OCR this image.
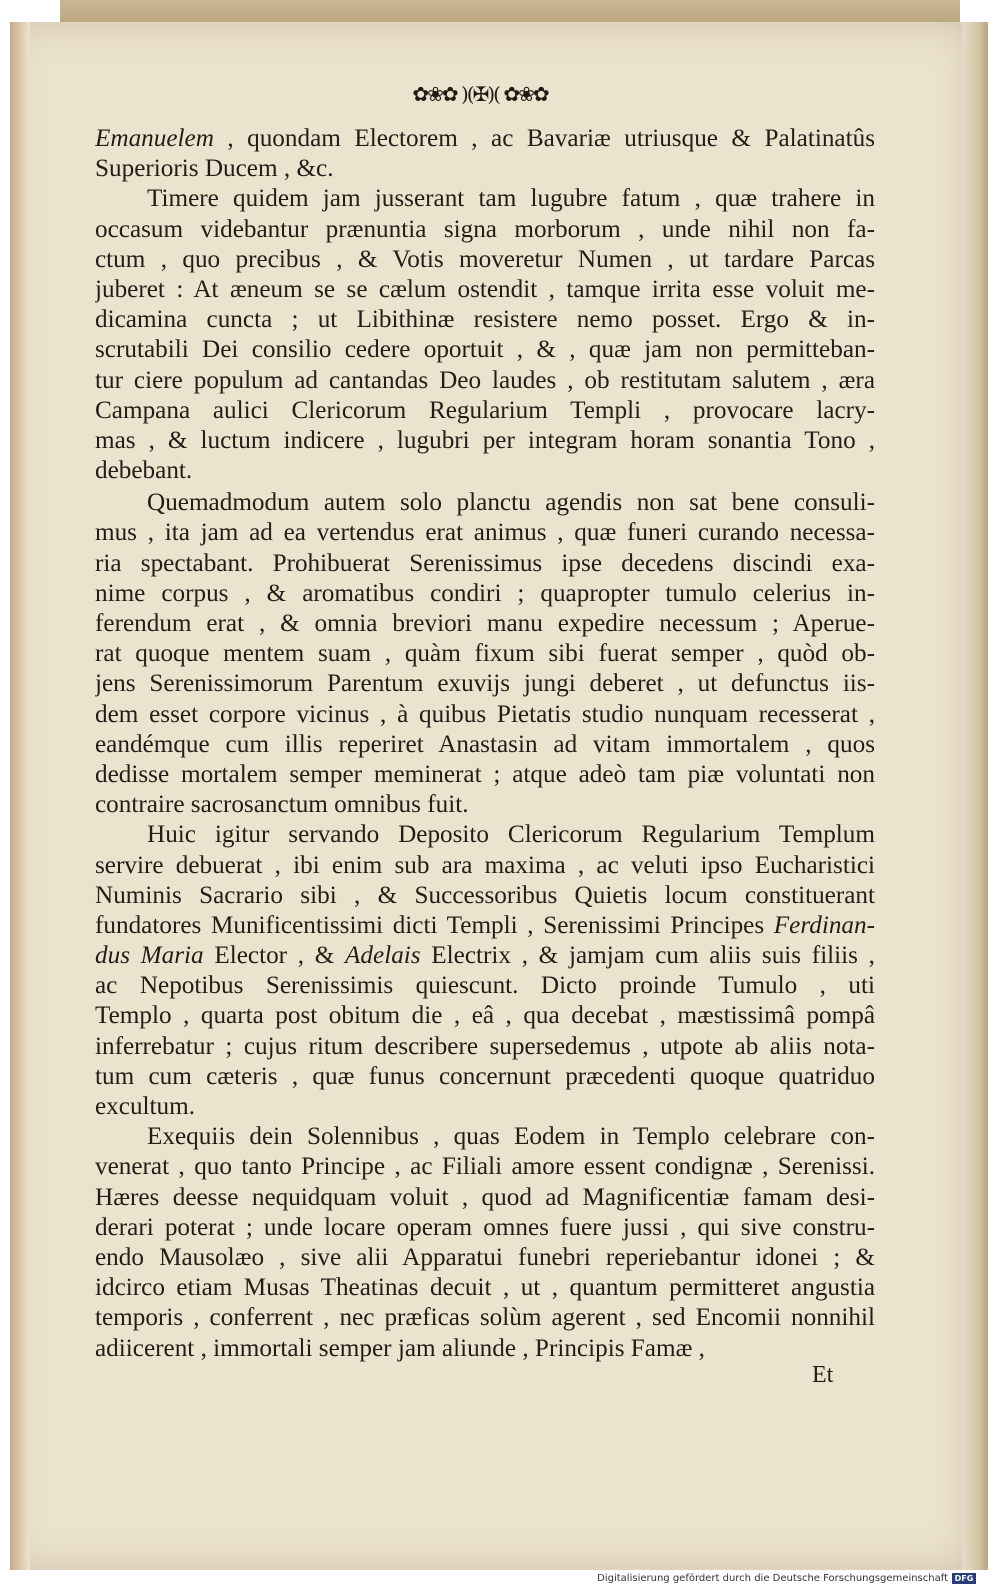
✿❀✿ )(✠)( ✿❀✿
Emanuelem , quondam Electorem , ac Bavariæ utriusque & Palatinatûs
Superioris Ducem , &c.
Timere quidem jam jusserant tam lugubre fatum , quæ trahere in
occasum videbantur prænuntia signa morborum , unde nihil non fa-
ctum , quo precibus , & Votis moveretur Numen , ut tardare Parcas
juberet : At æneum se se cælum ostendit , tamque irrita esse voluit me-
dicamina cuncta ; ut Libithinæ resistere nemo posset. Ergo & in-
scrutabili Dei consilio cedere oportuit , & , quæ jam non permitteban-
tur ciere populum ad cantandas Deo laudes , ob restitutam salutem , æra
Campana aulici Clericorum Regularium Templi , provocare lacry-
mas , & luctum indicere , lugubri per integram horam sonantia Tono ,
debebant.
Quemadmodum autem solo planctu agendis non sat bene consuli-
mus , ita jam ad ea vertendus erat animus , quæ funeri curando necessa-
ria spectabant. Prohibuerat Serenissimus ipse decedens discindi exa-
nime corpus , & aromatibus condiri ; quapropter tumulo celerius in-
ferendum erat , & omnia breviori manu expedire necessum ; Aperue-
rat quoque mentem suam , quàm fixum sibi fuerat semper , quòd ob-
jens Serenissimorum Parentum exuvijs jungi deberet , ut defunctus iis-
dem esset corpore vicinus , à quibus Pietatis studio nunquam recesserat ,
eandémque cum illis reperiret Anastasin ad vitam immortalem , quos
dedisse mortalem semper meminerat ; atque adeò tam piæ voluntati non
contraire sacrosanctum omnibus fuit.
Huic igitur servando Deposito Clericorum Regularium Templum
servire debuerat , ibi enim sub ara maxima , ac veluti ipso Eucharistici
Numinis Sacrario sibi , & Successoribus Quietis locum constituerant
fundatores Munificentissimi dicti Templi , Serenissimi Principes Ferdinan-
dus Maria Elector , & Adelais Electrix , & jamjam cum aliis suis filiis ,
ac Nepotibus Serenissimis quiescunt. Dicto proinde Tumulo , uti
Templo , quarta post obitum die , eâ , qua decebat , mæstissimâ pompâ
inferrebatur ; cujus ritum describere supersedemus , utpote ab aliis nota-
tum cum cæteris , quæ funus concernunt præcedenti quoque quatriduo
excultum.
Exequiis dein Solennibus , quas Eodem in Templo celebrare con-
venerat , quo tanto Principe , ac Filiali amore essent condignæ , Serenissi.
Hæres deesse nequidquam voluit , quod ad Magnificentiæ famam desi-
derari poterat ; unde locare operam omnes fuere jussi , qui sive constru-
endo Mausolæo , sive alii Apparatui funebri reperiebantur idonei ; &
idcirco etiam Musas Theatinas decuit , ut , quantum permitteret angustia
temporis , conferrent , nec præficas solùm agerent , sed Encomii nonnihil
adiicerent , immortali semper jam aliunde , Principis Famæ ,
Et
Digitalisierung gefördert durch die Deutsche Forschungsgemeinschaft DFG
